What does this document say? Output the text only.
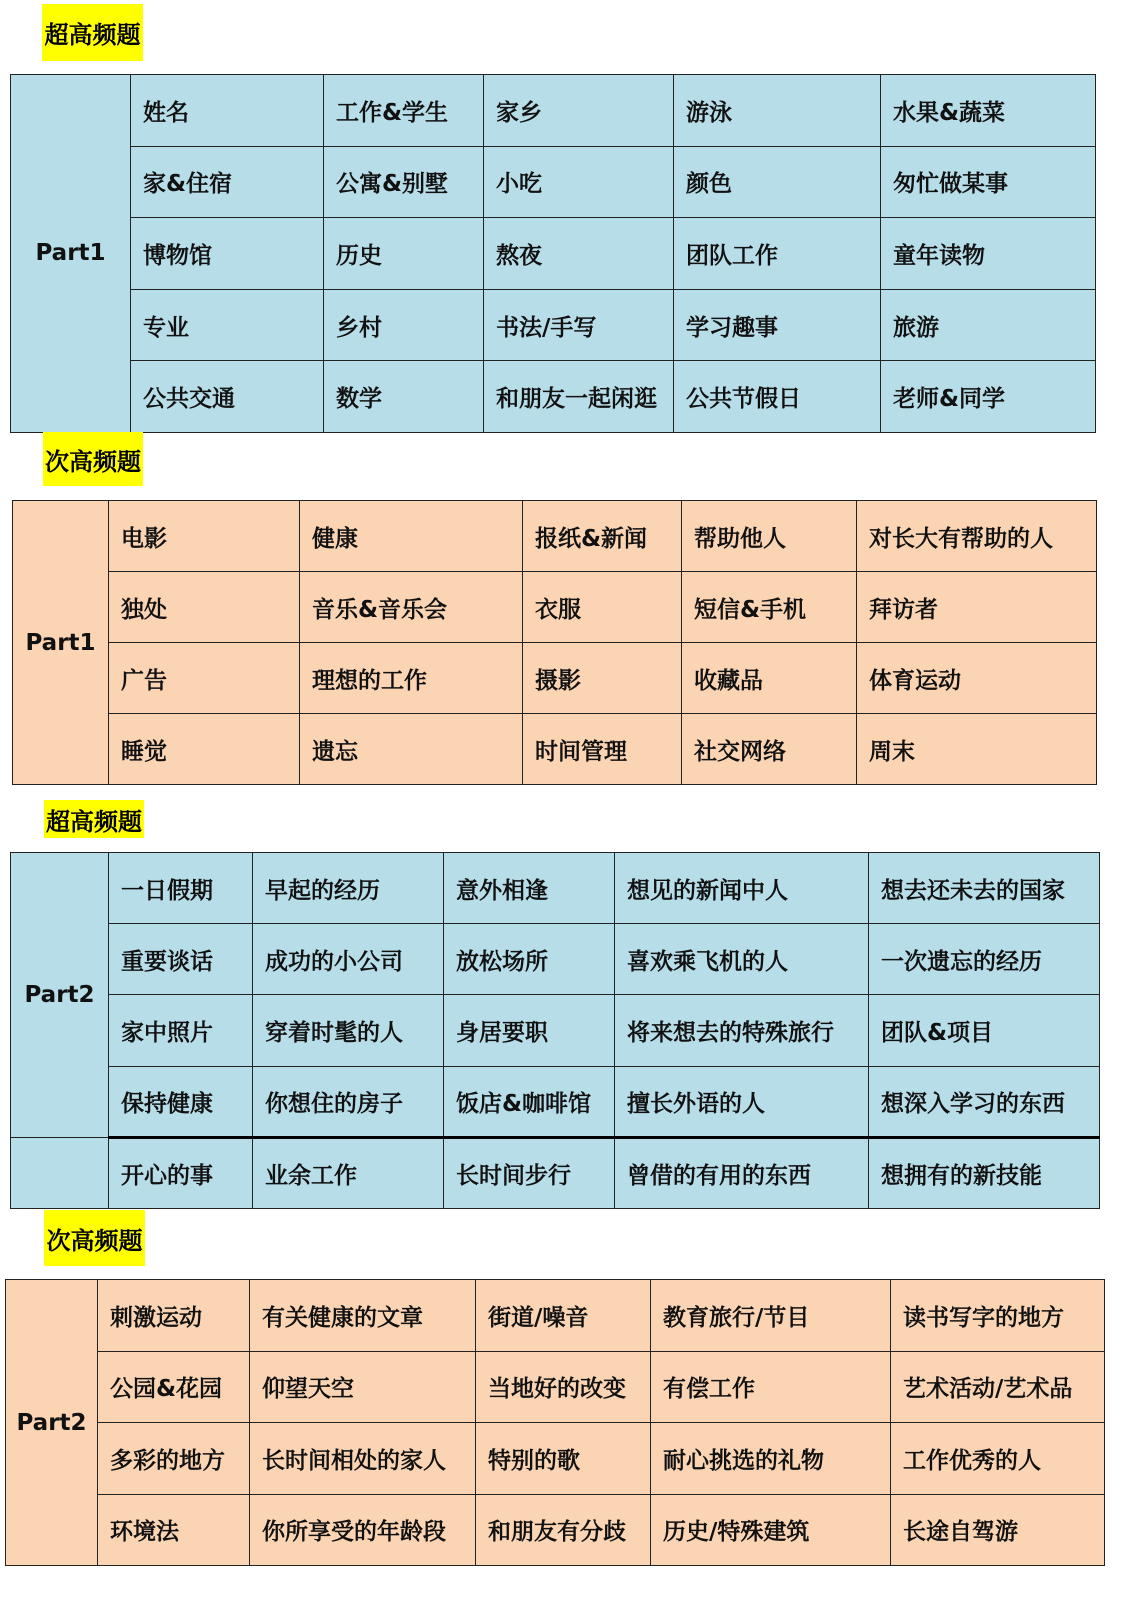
超高频题
Part1	姓名	工作&学生	家乡	游泳	水果&蔬菜
	家&住宿	公寓&别墅	小吃	颜色	匆忙做某事
	博物馆	历史	熬夜	团队工作	童年读物
	专业	乡村	书法/手写	学习趣事	旅游
	公共交通	数学	和朋友一起闲逛	公共节假日	老师&同学
次高频题
Part1	电影	健康	报纸&新闻	帮助他人	对长大有帮助的人
	独处	音乐&音乐会	衣服	短信&手机	拜访者
	广告	理想的工作	摄影	收藏品	体育运动
	睡觉	遗忘	时间管理	社交网络	周末
超高频题
Part2	一日假期	早起的经历	意外相逢	想见的新闻中人	想去还未去的国家
	重要谈话	成功的小公司	放松场所	喜欢乘飞机的人	一次遗忘的经历
	家中照片	穿着时髦的人	身居要职	将来想去的特殊旅行	团队&项目
	保持健康	你想住的房子	饭店&咖啡馆	擅长外语的人	想深入学习的东西
	开心的事	业余工作	长时间步行	曾借的有用的东西	想拥有的新技能
次高频题
Part2	刺激运动	有关健康的文章	街道/噪音	教育旅行/节目	读书写字的地方
	公园&花园	仰望天空	当地好的改变	有偿工作	艺术活动/艺术品
	多彩的地方	长时间相处的家人	特别的歌	耐心挑选的礼物	工作优秀的人
	环境法	你所享受的年龄段	和朋友有分歧	历史/特殊建筑	长途自驾游
